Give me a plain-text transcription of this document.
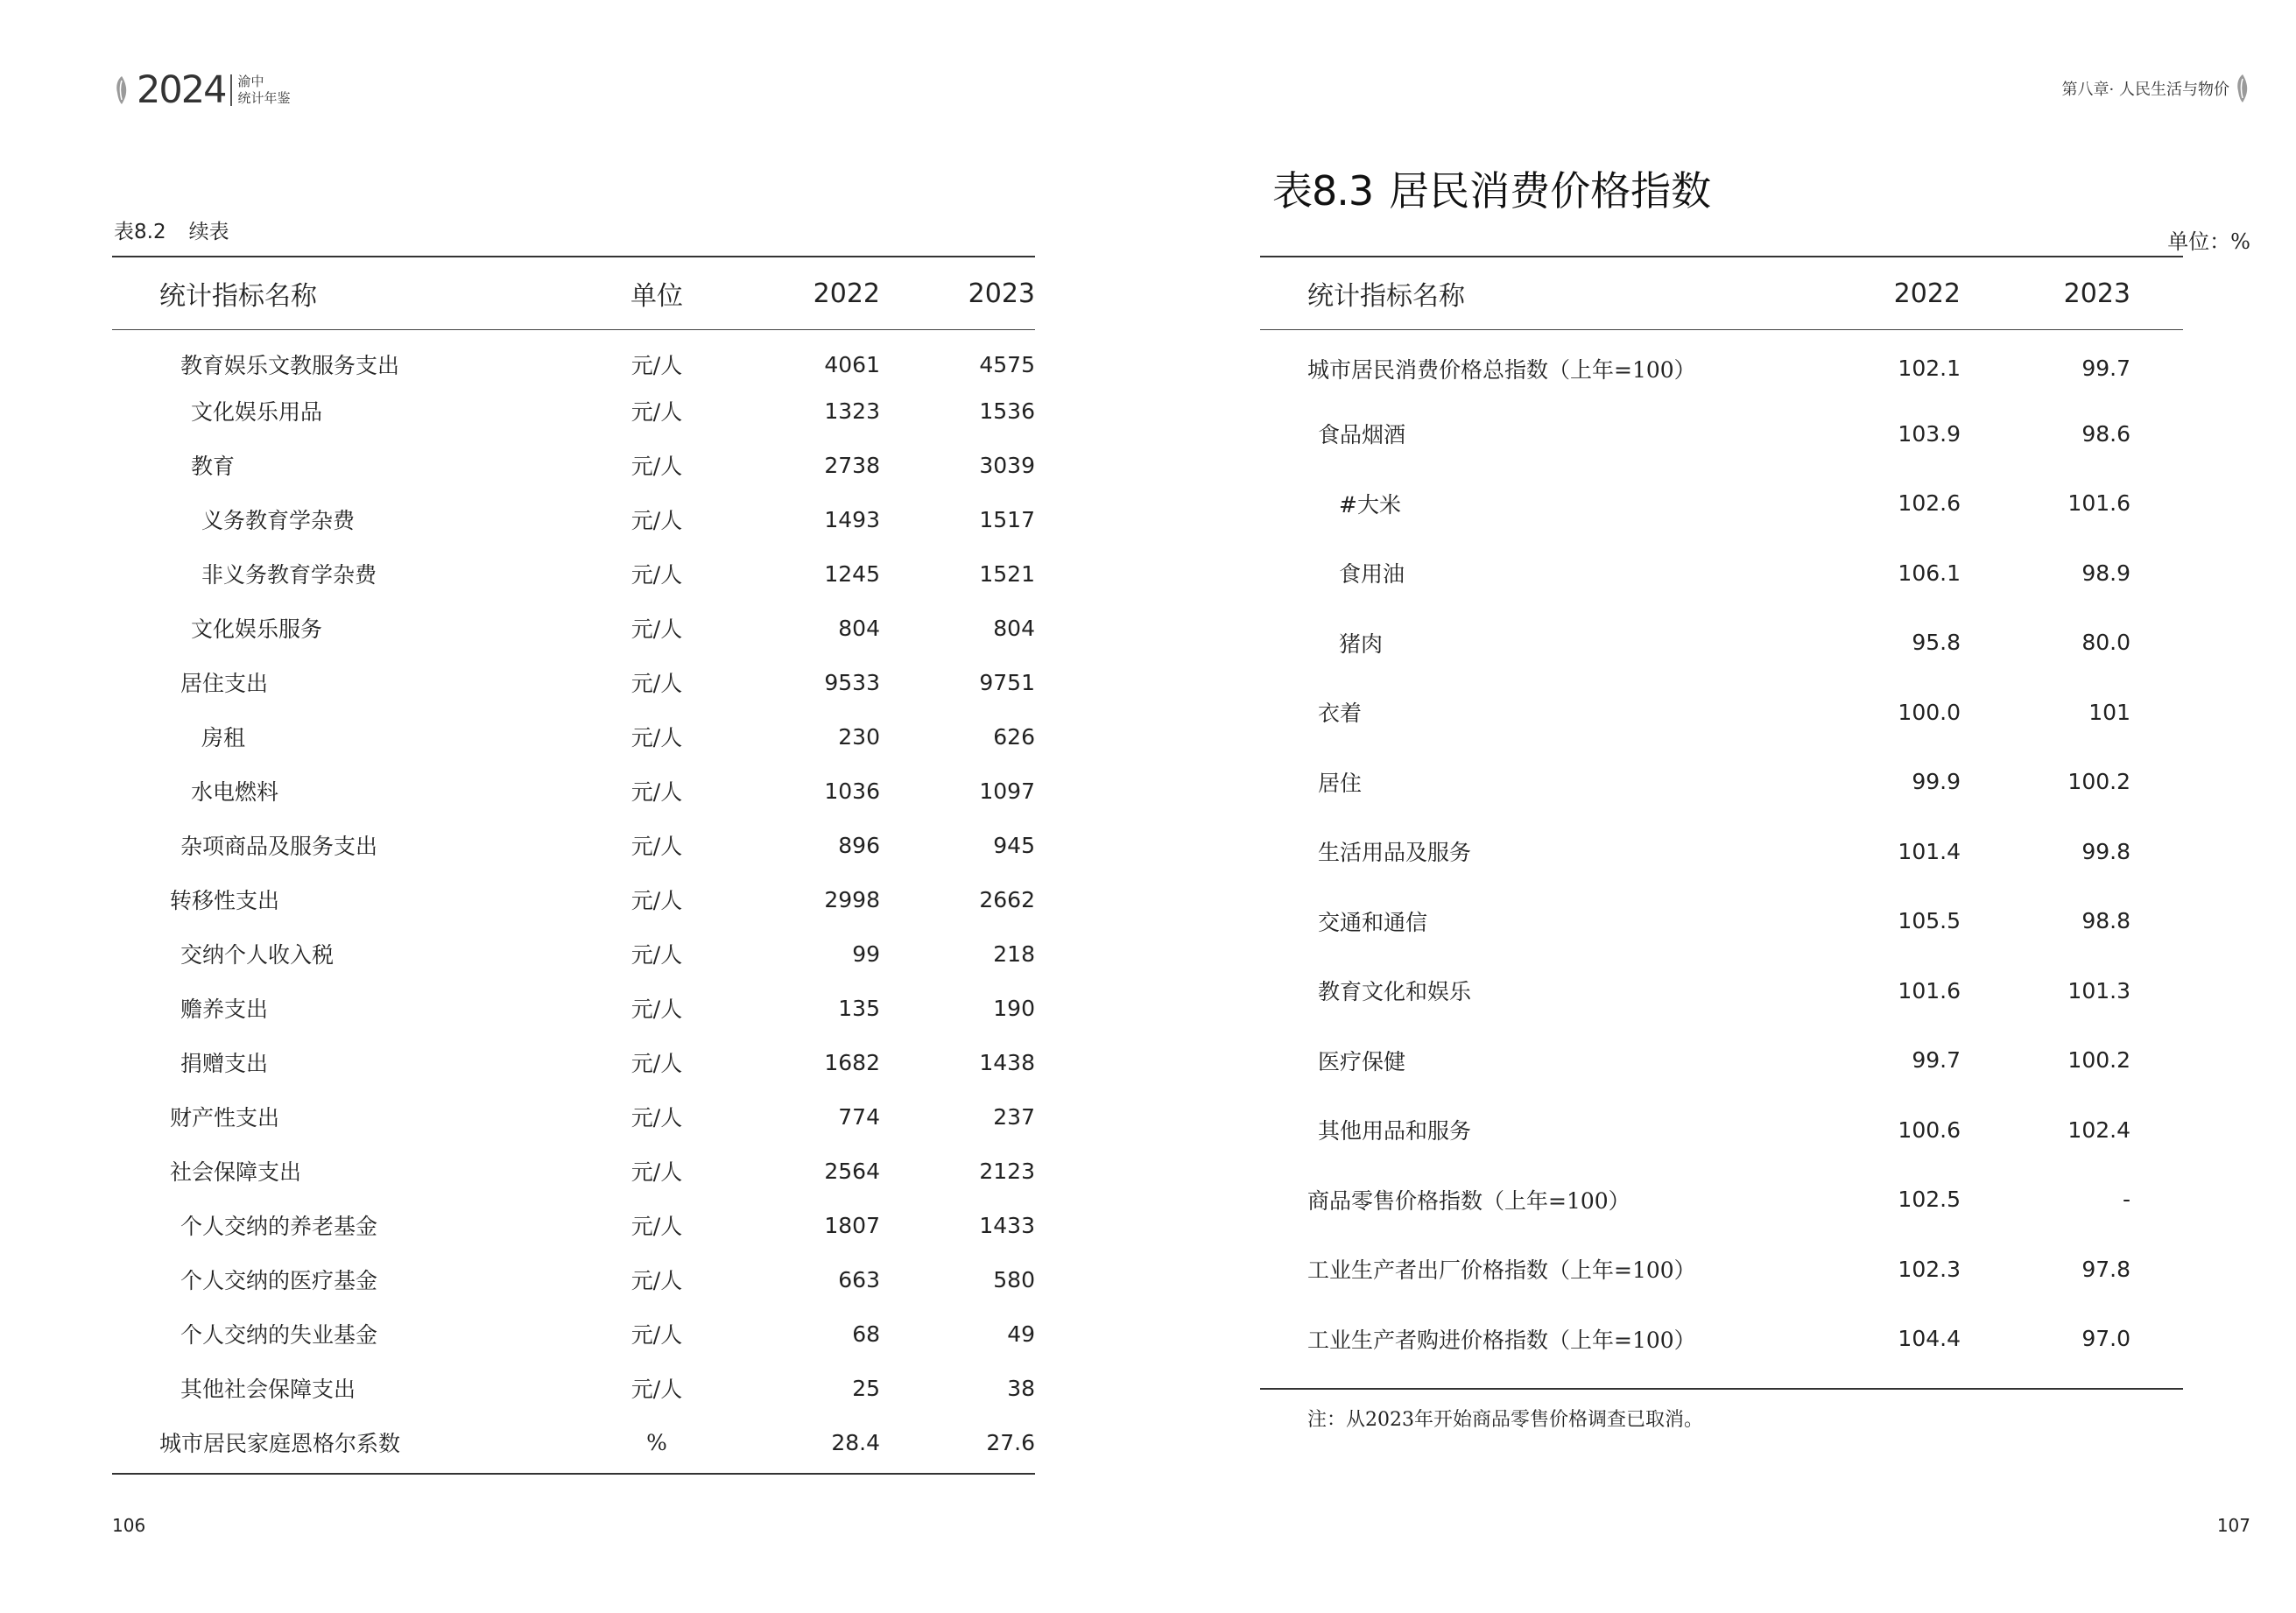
2024 渝中
统计年鉴
表8.2 续表
统计指标名称	单位	2022	2023
教育娱乐文教服务支出	元/人	4061	4575
文化娱乐用品	元/人	1323	1536
教育	元/人	2738	3039
义务教育学杂费	元/人	1493	1517
非义务教育学杂费	元/人	1245	1521
文化娱乐服务	元/人	804	804
居住支出	元/人	9533	9751
房租	元/人	230	626
水电燃料	元/人	1036	1097
杂项商品及服务支出	元/人	896	945
转移性支出	元/人	2998	2662
交纳个人收入税	元/人	99	218
赡养支出	元/人	135	190
捐赠支出	元/人	1682	1438
财产性支出	元/人	774	237
社会保障支出	元/人	2564	2123
个人交纳的养老基金	元/人	1807	1433
个人交纳的医疗基金	元/人	663	580
个人交纳的失业基金	元/人	68	49
其他社会保障支出	元/人	25	38
城市居民家庭恩格尔系数	%	28.4	27.6
106
第八章· 人民生活与物价
表8.3 居民消费价格指数
单位：%
统计指标名称	2022	2023	
城市居民消费价格总指数（上年=100）	102.1	99.7	
食品烟酒	103.9	98.6	
#大米	102.6	101.6	
食用油	106.1	98.9	
猪肉	95.8	80.0	
衣着	100.0	101	
居住	99.9	100.2	
生活用品及服务	101.4	99.8	
交通和通信	105.5	98.8	
教育文化和娱乐	101.6	101.3	
医疗保健	99.7	100.2	
其他用品和服务	100.6	102.4	
商品零售价格指数（上年=100）	102.5	-	
工业生产者出厂价格指数（上年=100）	102.3	97.8	
工业生产者购进价格指数（上年=100）	104.4	97.0	
注：从2023年开始商品零售价格调查已取消。
107
